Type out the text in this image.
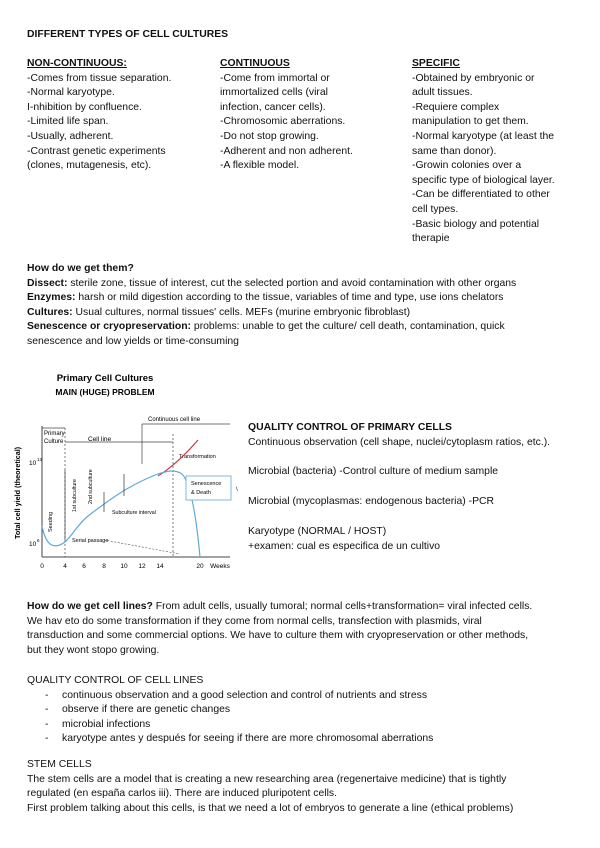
DIFFERENT TYPES OF CELL CULTURES
NON-CONTINUOUS:

-Comes from tissue separation.

-Normal karyotype.

I-nhibition by confluence.

-Limited life span.

-Usually, adherent.

-Contrast genetic experiments

(clones, mutagenesis, etc).

CONTINUOUS

-Come from immortal or

immortalized cells (viral

infection, cancer cells).

-Chromosomic aberrations.

-Do not stop growing.

-Adherent and non adherent.

-A flexible model.

SPECIFIC

-Obtained by embryonic or

adult tissues.

-Requiere complex

manipulation to get them.

-Normal karyotype (at least the

same than donor).

-Growin colonies over a

specific type of biological layer.

-Can be differentiated to other

cell types.

-Basic biology and potential

therapie

How do we get them?

Dissect: sterile zone, tissue of interest, cut the selected portion and avoid contamination with other organs

Enzymes: harsh or mild digestion according to the tissue, variables of time and type, use ions chelators

Cultures: Usual cultures, normal tissues' cells. MEFs (murine embryonic fibroblast)

Senescence or cryopreservation: problems: unable to get the culture/ cell death, contamination, quick

senescence and low yields or time-consuming

Primary Cell Cultures
MAIN (HUGE) PROBLEM
Total cell yield (theoretical) 10
13
10
6
0	4 6	8 10 12 14	20 Weeks
Primary
Culture	Cell line
Continuous cell line
Transformation
1st subculture 2nd subculture
Subculture interval
Senescence
& Death	\
Serial passage
Seeding
QUALITY CONTROL OF PRIMARY CELLS
Continuous observation (cell shape, nuclei/cytoplasm ratios, etc.).
Microbial (bacteria) -Control culture of medium sample
Microbial (mycoplasmas: endogenous bacteria) -PCR
Karyotype (NORMAL / HOST)
+examen: cual es especifica de un cultivo

How do we get cell lines? From adult cells, usually tumoral; normal cells+transformation= viral infected cells.

We hav eto do some transformation if they come from normal cells, transfection with plasmids, viral

transduction and some commercial options. We have to culture them with cryopreservation or other methods,

but they wont stopo growing.

QUALITY CONTROL OF CELL LINES
- continuous observation and a good selection and control of nutrients and stress
- observe if there are genetic changes
- microbial infections
- karyotype antes y después for seeing if there are more chromosomal aberrations

STEM CELLS

The stem cells are a model that is creating a new researching area (regenertaive medicine) that is tightly

regulated (en españa carlos iii). There are induced pluripotent cells.

First problem talking about this cells, is that we need a lot of embryos to generate a line (ethical problems)
